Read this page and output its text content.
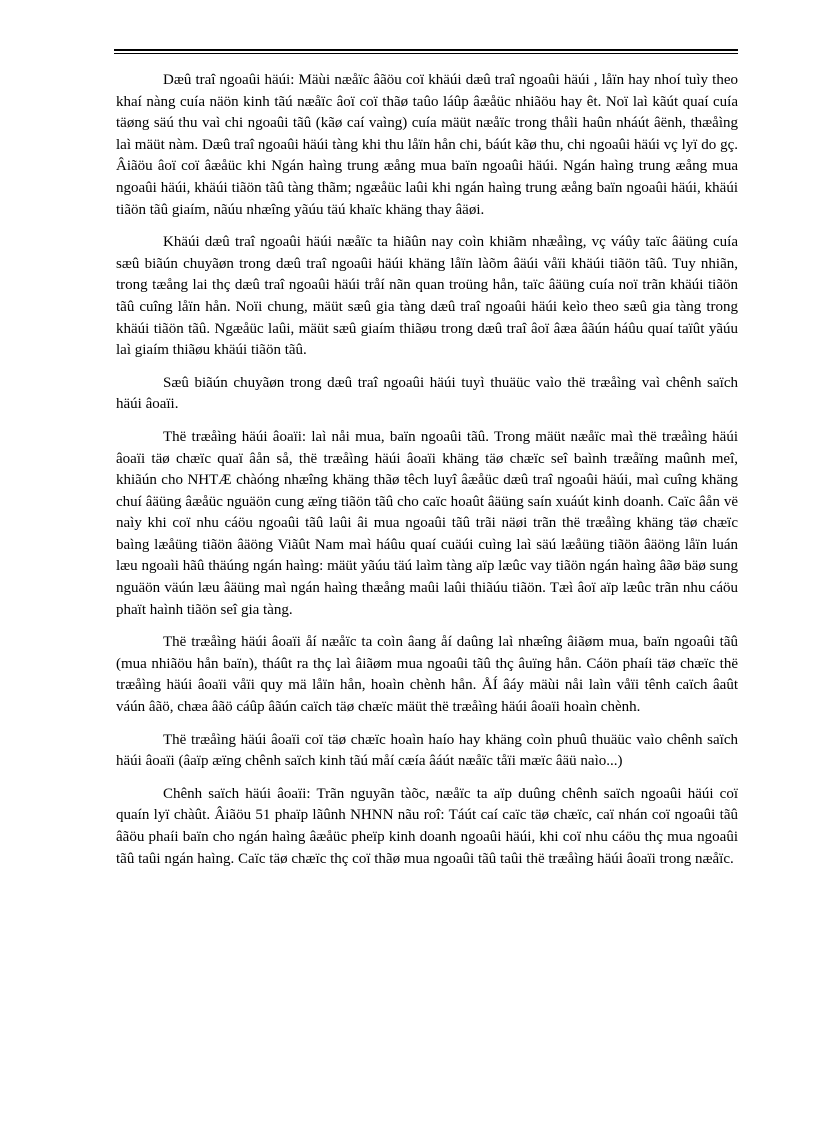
Dæû traî ngoaûi häúi: Mäùi næåïc âãöu coï khäúi dæû traî ngoaûi häúi , låïn hay nhoí tuìy theo khaí nàng cuía näön kinh tãú næåïc âoï coï thãø taûo láûp âæåüc nhiãöu hay êt. Noï laì kãút quaí cuía täøng säú thu vaì chi ngoaûi tãû (kãø caí vaìng) cuía mäüt næåïc trong thåìi haûn nháút âënh, thæåìng laì mäüt nàm. Dæû traî ngoaûi häúi tàng khi thu låïn hån chi, báút kãø thu, chi ngoaûi häúi vç lyï do gç. Âiãöu âoï coï âæåüc khi Ngán haìng trung æång mua baïn ngoaûi häúi. Ngán haìng trung æång mua ngoaûi häúi, khäúi tiãön tãû tàng thãm; ngæåüc laûi khi ngán haìng trung æång baïn ngoaûi häúi, khäúi tiãön tãû giaím, nãúu nhæîng yãúu täú khaïc khäng thay âäøi.

Khäúi dæû traî ngoaûi häúi næåïc ta hiãûn nay coìn khiãm nhæåìng, vç váûy taïc âäüng cuía sæû biãún chuyãøn trong dæû traî ngoaûi häúi khäng låïn làõm âäúi våïi khäúi tiãön tãû. Tuy nhiãn, trong tæång lai thç dæû traî ngoaûi häúi tråí nãn quan troüng hån, taïc âäüng cuía noï trãn khäúi tiãön tãû cuîng låïn hån. Noïi chung, mäüt sæû gia tàng dæû traî ngoaûi häúi keìo theo sæû gia tàng trong khäúi tiãön tãû. Ngæåüc laûi, mäüt sæû giaím thiãøu trong dæû traî âoï âæa âãún háûu quaí taïût yãúu laì giaím thiãøu khäúi tiãön tãû.

Sæû biãún chuyãøn trong dæû traî ngoaûi häúi tuyì thuäüc vaìo thë træåìng vaì chênh saïch häúi âoaïi.

Thë træåìng häúi âoaïi: laì nåi mua, baïn ngoaûi tãû. Trong mäüt næåïc maì thë træåìng häúi âoaïi täø chæïc quaï âån så, thë træåìng häúi âoaïi khäng täø chæïc seî baình træåïng maûnh meî, khiãún cho NHTÆ chàóng nhæîng khäng thãø têch luyî âæåüc dæû traî ngoaûi häúi, maì cuîng khäng chuí âäüng âæåüc nguäön cung æïng tiãön tãû cho caïc hoaût âäüng saín xuáút kinh doanh. Caïc âån vë naìy khi coï nhu cáöu ngoaûi tãû laûi âi mua ngoaûi tãû trãi näøi trãn thë træåìng khäng täø chæïc baìng læåüng tiãön âäöng Viãût Nam maì háûu quaí cuäúi cuìng laì säú læåüng tiãön âäöng låïn luán læu ngoaìi hãû thäúng ngán haìng: mäüt yãúu täú laìm tàng aïp læûc vay tiãön ngán haìng âãø bäø sung nguäön väún læu âäüng maì ngán haìng thæång maûi laûi thiãúu tiãön. Tæì âoï aïp læûc trãn nhu cáöu phaït haình tiãön seî gia tàng.

Thë træåìng häúi âoaïi åí næåïc ta coìn âang åí daûng laì nhæîng âiãøm mua, baïn ngoaûi tãû (mua nhiãöu hån baïn), tháût ra thç laì âiãøm mua ngoaûi tãû thç âuïng hån. Cáön phaíi täø chæïc thë træåìng häúi âoaïi våïi quy mä låïn hån, hoaìn chènh hån. ÅÍ âáy mäùi nåi laìn våïi tênh caïch âaût váún âãö, chæa âãö cáûp âãún caïch täø chæïc mäüt thë træåìng häúi âoaïi hoaìn chènh.

Thë træåìng häúi âoaïi coï täø chæïc hoaìn haío hay khäng coìn phuû thuäüc vaìo chênh saïch häúi âoaïi (âaïp æïng chênh saïch kinh tãú måí cæía âáút næåïc tåïi mæïc âäü naìo...)

Chênh saïch häúi âoaïi: Trãn nguyãn tàõc, næåïc ta aïp duûng chênh saïch ngoaûi häúi coï quaín lyï chàût. Âiãöu 51 phaïp lãûnh NHNN nãu roî: Táút caí caïc täø chæïc, caï nhán coï ngoaûi tãû âãöu phaíi baïn cho ngán haìng âæåüc pheïp kinh doanh ngoaûi häúi, khi coï nhu cáöu thç mua ngoaûi tãû taûi ngán haìng. Caïc täø chæïc thç coï thãø mua ngoaûi tãû taûi thë træåìng häúi âoaïi trong næåïc.
